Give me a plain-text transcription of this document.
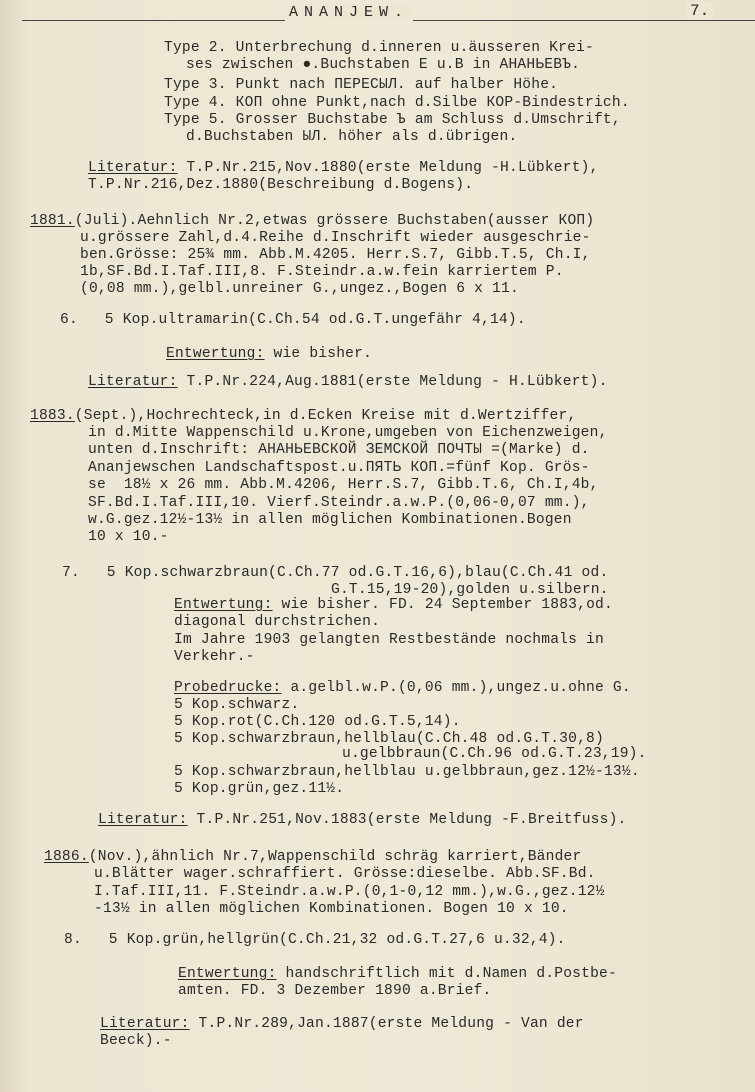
ANANJEW.	7.
Type 2. Unterbrechung d.inneren u.äusseren Krei-
ses zwischen ●.Buchstaben E u.B in АНАНЬЕВЪ.
Type 3. Punkt nach ПЕРЕСЫЛ. auf halber Höhe.
Type 4. КОП ohne Punkt,nach d.Silbe КОР-Bindestrich.
Type 5. Grosser Buchstabe Ъ am Schluss d.Umschrift,
d.Buchstaben ЫЛ. höher als d.übrigen.
Literatur: T.P.Nr.215,Nov.1880(erste Meldung -H.Lübkert),
T.P.Nr.216,Dez.1880(Beschreibung d.Bogens).
1881.(Juli).Aehnlich Nr.2,etwas grössere Buchstaben(ausser КОП)
u.grössere Zahl,d.4.Reihe d.Inschrift wieder ausgeschrie-
ben.Grösse: 25¾ mm. Abb.M.4205. Herr.S.7, Gibb.T.5, Ch.I,
1b,SF.Bd.I.Taf.III,8. F.Steindr.a.w.fein karriertem P.
(0,08 mm.),gelbl.unreiner G.,ungez.,Bogen 6 x 11.
6.   5 Kop.ultramarin(C.Ch.54 od.G.T.ungefähr 4,14).
Entwertung: wie bisher.
Literatur: T.P.Nr.224,Aug.1881(erste Meldung - H.Lübkert).
1883.(Sept.),Hochrechteck,in d.Ecken Kreise mit d.Wertziffer,
in d.Mitte Wappenschild u.Krone,umgeben von Eichenzweigen,
unten d.Inschrift: АНАНЬЕВСКОЙ ЗЕМСКОЙ ПОЧТЫ =(Marke) d.
Ananjewschen Landschaftspost.u.ПЯТЬ КОП.=fünf Kop. Grös-
se  18½ x 26 mm. Abb.M.4206, Herr.S.7, Gibb.T.6, Ch.I,4b,
SF.Bd.I.Taf.III,10. Vierf.Steindr.a.w.P.(0,06-0,07 mm.),
w.G.gez.12½-13½ in allen möglichen Kombinationen.Bogen
10 x 10.-
7.   5 Kop.schwarzbraun(C.Ch.77 od.G.T.16,6),blau(C.Ch.41 od.
G.T.15,19-20),golden u.silbern.
Entwertung: wie bisher. FD. 24 September 1883,od.
diagonal durchstrichen.
Im Jahre 1903 gelangten Restbestände nochmals in
Verkehr.-
Probedrucke: a.gelbl.w.P.(0,06 mm.),ungez.u.ohne G.
5 Kop.schwarz.
5 Kop.rot(C.Ch.120 od.G.T.5,14).
5 Kop.schwarzbraun,hellblau(C.Ch.48 od.G.T.30,8)
u.gelbbraun(C.Ch.96 od.G.T.23,19).
5 Kop.schwarzbraun,hellblau u.gelbbraun,gez.12½-13½.
5 Kop.grün,gez.11½.
Literatur: T.P.Nr.251,Nov.1883(erste Meldung -F.Breitfuss).
1886.(Nov.),ähnlich Nr.7,Wappenschild schräg karriert,Bänder
u.Blätter wager.schraffiert. Grösse:dieselbe. Abb.SF.Bd.
I.Taf.III,11. F.Steindr.a.w.P.(0,1-0,12 mm.),w.G.,gez.12½
-13½ in allen möglichen Kombinationen. Bogen 10 x 10.
8.   5 Kop.grün,hellgrün(C.Ch.21,32 od.G.T.27,6 u.32,4).
Entwertung: handschriftlich mit d.Namen d.Postbe-
amten. FD. 3 Dezember 1890 a.Brief.
Literatur: T.P.Nr.289,Jan.1887(erste Meldung - Van der
Beeck).-
